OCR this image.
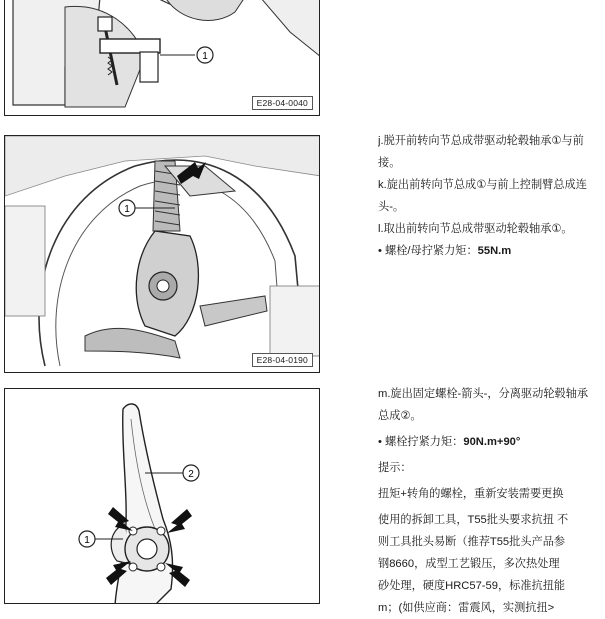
1
E28-04-0040
1
E28-04-0190
2
1
j.脱开前转向节总成带驱动轮毂轴承①与前
接。
k.旋出前转向节总成①与前上控制臂总成连
头-。
l.取出前转向节总成带驱动轮毂轴承①。
• 螺栓/母拧紧力矩：55N.m
m.旋出固定螺栓-箭头-，分离驱动轮毂轴承
总成②。
• 螺栓拧紧力矩：90N.m+90°
提示：
扭矩+转角的螺栓，重新安装需要更换
使用的拆卸工具，T55批头要求抗扭 不
则工具批头易断（推荐T55批头产品参
钢8660，成型工艺锻压，多次热处理
砂处理，硬度HRC57-59，标准抗扭能
m；(如供应商：雷震风，实测抗扭>
